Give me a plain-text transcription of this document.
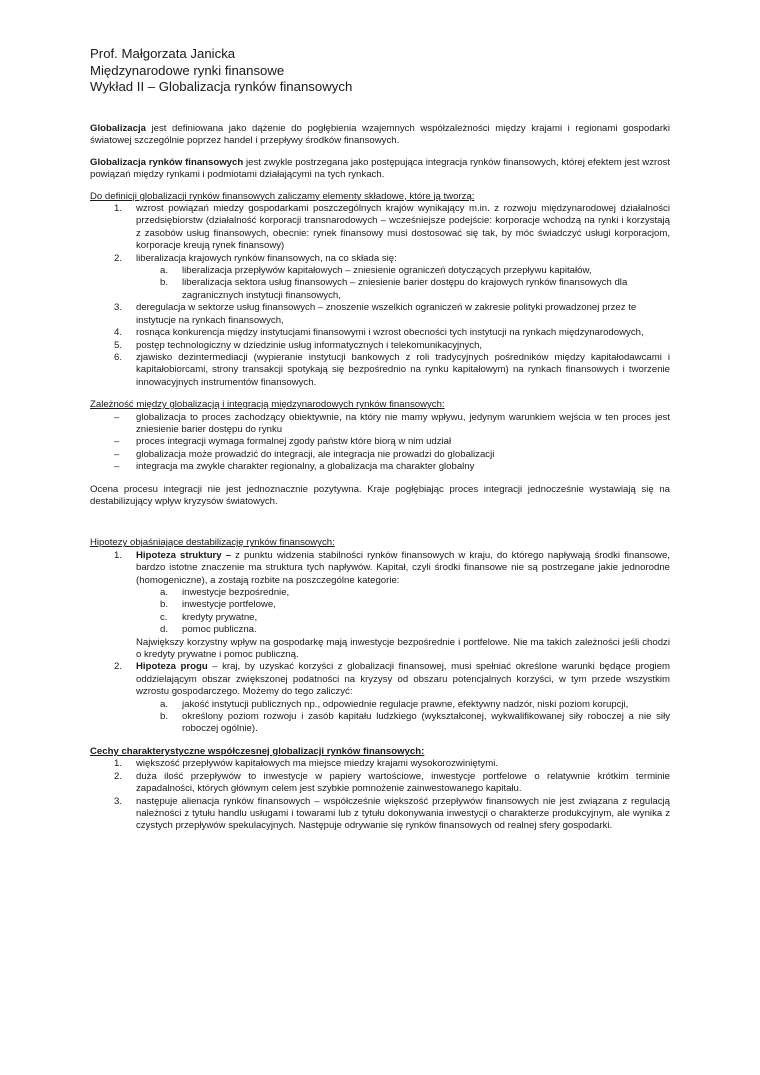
Prof. Małgorzata Janicka
Międzynarodowe rynki finansowe
Wykład II – Globalizacja rynków finansowych

Globalizacja jest definiowana jako dążenie do pogłębienia wzajemnych współzależności między krajami i regionami gospodarki światowej szczególnie poprzez handel i przepływy środków finansowych.

Globalizacja rynków finansowych jest zwykle postrzegana jako postępująca integracja rynków finansowych, której efektem jest wzrost powiązań między rynkami i podmiotami działającymi na tych rynkach.

Do definicji globalizacji rynków finansowych zaliczamy elementy składowe, które ją tworzą:
1. wzrost powiązań miedzy gospodarkami poszczególnych krajów wynikający m.in. z rozwoju międzynarodowej działalności przedsiębiorstw (działalność korporacji transnarodowych – wcześniejsze podejście: korporacje wchodzą na rynki i korzystają z zasobów usług finansowych, obecnie: rynek finansowy musi dostosować się tak, by móc świadczyć usługi korporacjom, korporacje kreują rynek finansowy)
2. liberalizacja krajowych rynków finansowych, na co składa się:
a. liberalizacja przepływów kapitałowych – zniesienie ograniczeń dotyczących przepływu kapitałów,
b. liberalizacja sektora usług finansowych – zniesienie barier dostępu do krajowych rynków finansowych dla zagranicznych instytucji finansowych,
3. deregulacja w sektorze usług finansowych – znoszenie wszelkich ograniczeń w zakresie polityki prowadzonej przez te instytucje na rynkach finansowych,
4. rosnąca konkurencja między instytucjami finansowymi i wzrost obecności tych instytucji na rynkach międzynarodowych,
5. postęp technologiczny w dziedzinie usług informatycznych i telekomunikacyjnych,
6. zjawisko dezintermediacji (wypieranie instytucji bankowych z roli tradycyjnych pośredników między kapitałodawcami i kapitałobiorcami, strony transakcji spotykają się bezpośrednio na rynku kapitałowym) na rynkach finansowych i tworzenie innowacyjnych instrumentów finansowych.
Zależność między globalizacją i integracją międzynarodowych rynków finansowych:
– globalizacja to proces zachodzący obiektywnie, na który nie mamy wpływu, jedynym warunkiem wejścia w ten proces jest zniesienie barier dostępu do rynku
– proces integracji wymaga formalnej zgody państw które biorą w nim udział
– globalizacja może prowadzić do integracji, ale integracja nie prowadzi do globalizacji
– integracja ma zwykle charakter regionalny, a globalizacja ma charakter globalny

Ocena procesu integracji nie jest jednoznacznie pozytywna. Kraje pogłębiając proces integracji jednocześnie wystawiają się na destabilizujący wpływ kryzysów światowych.

Hipotezy objaśniające destabilizację rynków finansowych:
1. Hipoteza struktury – z punktu widzenia stabilności rynków finansowych w kraju, do którego napływają środki finansowe, bardzo istotne znaczenie ma struktura tych napływów. Kapitał, czyli środki finansowe nie są postrzegane jakie jednorodne (homogeniczne), a zostają rozbite na poszczególne kategorie:
a. inwestycje bezpośrednie,
b. inwestycje portfelowe,
c. kredyty prywatne,
d. pomoc publiczna.
Największy korzystny wpływ na gospodarkę mają inwestycje bezpośrednie i portfelowe. Nie ma takich zależności jeśli chodzi o kredyty prywatne i pomoc publiczną.
2. Hipoteza progu – kraj, by uzyskać korzyści z globalizacji finansowej, musi spełniać określone warunki będące progiem oddzielającym obszar zwiększonej podatności na kryzysy od obszaru potencjalnych korzyści, w tym przede wszystkim wzrostu gospodarczego. Możemy do tego zaliczyć:
a. jakość instytucji publicznych np., odpowiednie regulacje prawne, efektywny nadzór, niski poziom korupcji,
b. określony poziom rozwoju i zasób kapitału ludzkiego (wykształconej, wykwalifikowanej siły roboczej a nie siły roboczej ogólnie).
Cechy charakterystyczne współczesnej globalizacji rynków finansowych:
1. większość przepływów kapitałowych ma miejsce miedzy krajami wysokorozwiniętymi.
2. duża ilość przepływów to inwestycje w papiery wartościowe, inwestycje portfelowe o relatywnie krótkim terminie zapadalności, których głównym celem jest szybkie pomnożenie zainwestowanego kapitału.
3. następuje alienacja rynków finansowych – współcześnie większość przepływów finansowych nie jest związana z regulacją należności z tytułu handlu usługami i towarami lub z tytułu dokonywania inwestycji o charakterze produkcyjnym, ale wynika z czystych przepływów spekulacyjnych. Następuje odrywanie się rynków finansowych od realnej sfery gospodarki.
